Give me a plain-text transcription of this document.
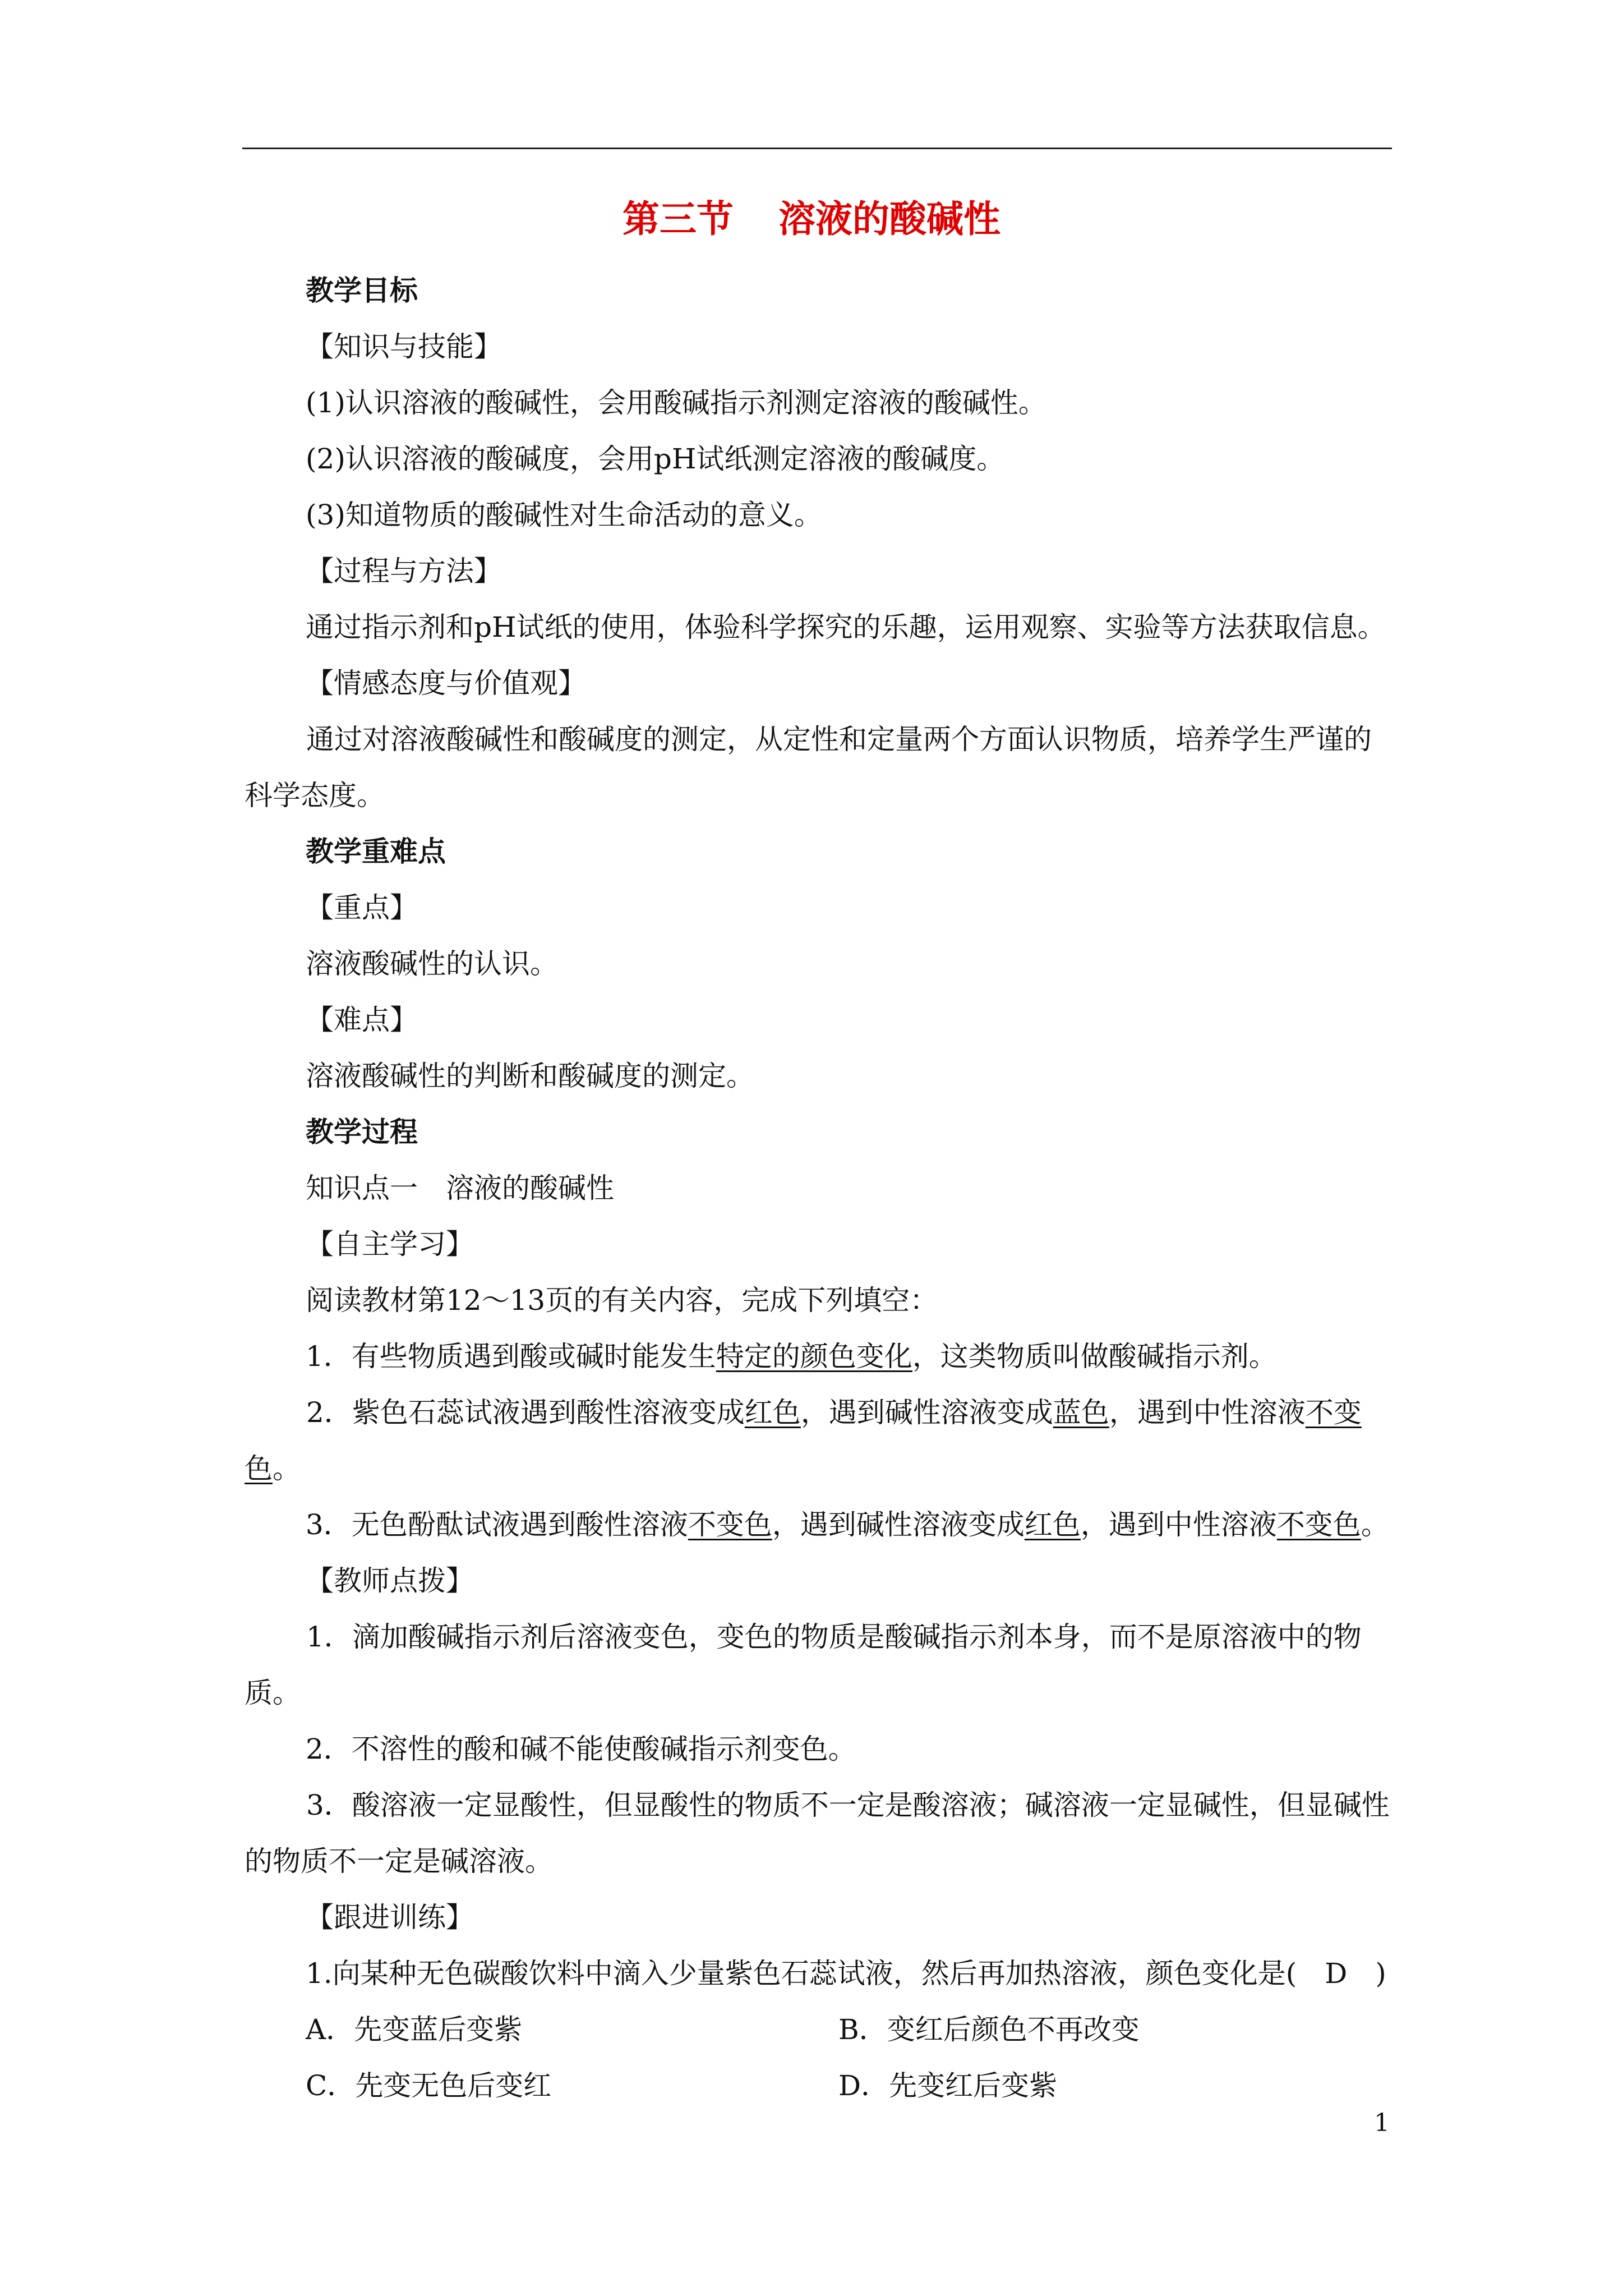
第三节 溶液的酸碱性
教学目标
【知识与技能】
(1)认识溶液的酸碱性，会用酸碱指示剂测定溶液的酸碱性。
(2)认识溶液的酸碱度，会用pH试纸测定溶液的酸碱度。
(3)知道物质的酸碱性对生命活动的意义。
【过程与方法】
通过指示剂和pH试纸的使用，体验科学探究的乐趣，运用观察、实验等方法获取信息。
【情感态度与价值观】
通过对溶液酸碱性和酸碱度的测定，从定性和定量两个方面认识物质，培养学生严谨的科学态度。
教学重难点
【重点】
溶液酸碱性的认识。
【难点】
溶液酸碱性的判断和酸碱度的测定。
教学过程
知识点一　溶液的酸碱性
【自主学习】
阅读教材第12～13页的有关内容，完成下列填空：
1．有些物质遇到酸或碱时能发生特定的颜色变化，这类物质叫做酸碱指示剂。
2．紫色石蕊试液遇到酸性溶液变成红色，遇到碱性溶液变成蓝色，遇到中性溶液不变色。
3．无色酚酞试液遇到酸性溶液不变色，遇到碱性溶液变成红色，遇到中性溶液不变色。
【教师点拨】
1．滴加酸碱指示剂后溶液变色，变色的物质是酸碱指示剂本身，而不是原溶液中的物质。
2．不溶性的酸和碱不能使酸碱指示剂变色。
3．酸溶液一定显酸性，但显酸性的物质不一定是酸溶液；碱溶液一定显碱性，但显碱性的物质不一定是碱溶液。
【跟进训练】
1.向某种无色碳酸饮料中滴入少量紫色石蕊试液，然后再加热溶液，颜色变化是(　D　)
A．先变蓝后变紫	B．变红后颜色不再改变
C．先变无色后变红	D．先变红后变紫
1
